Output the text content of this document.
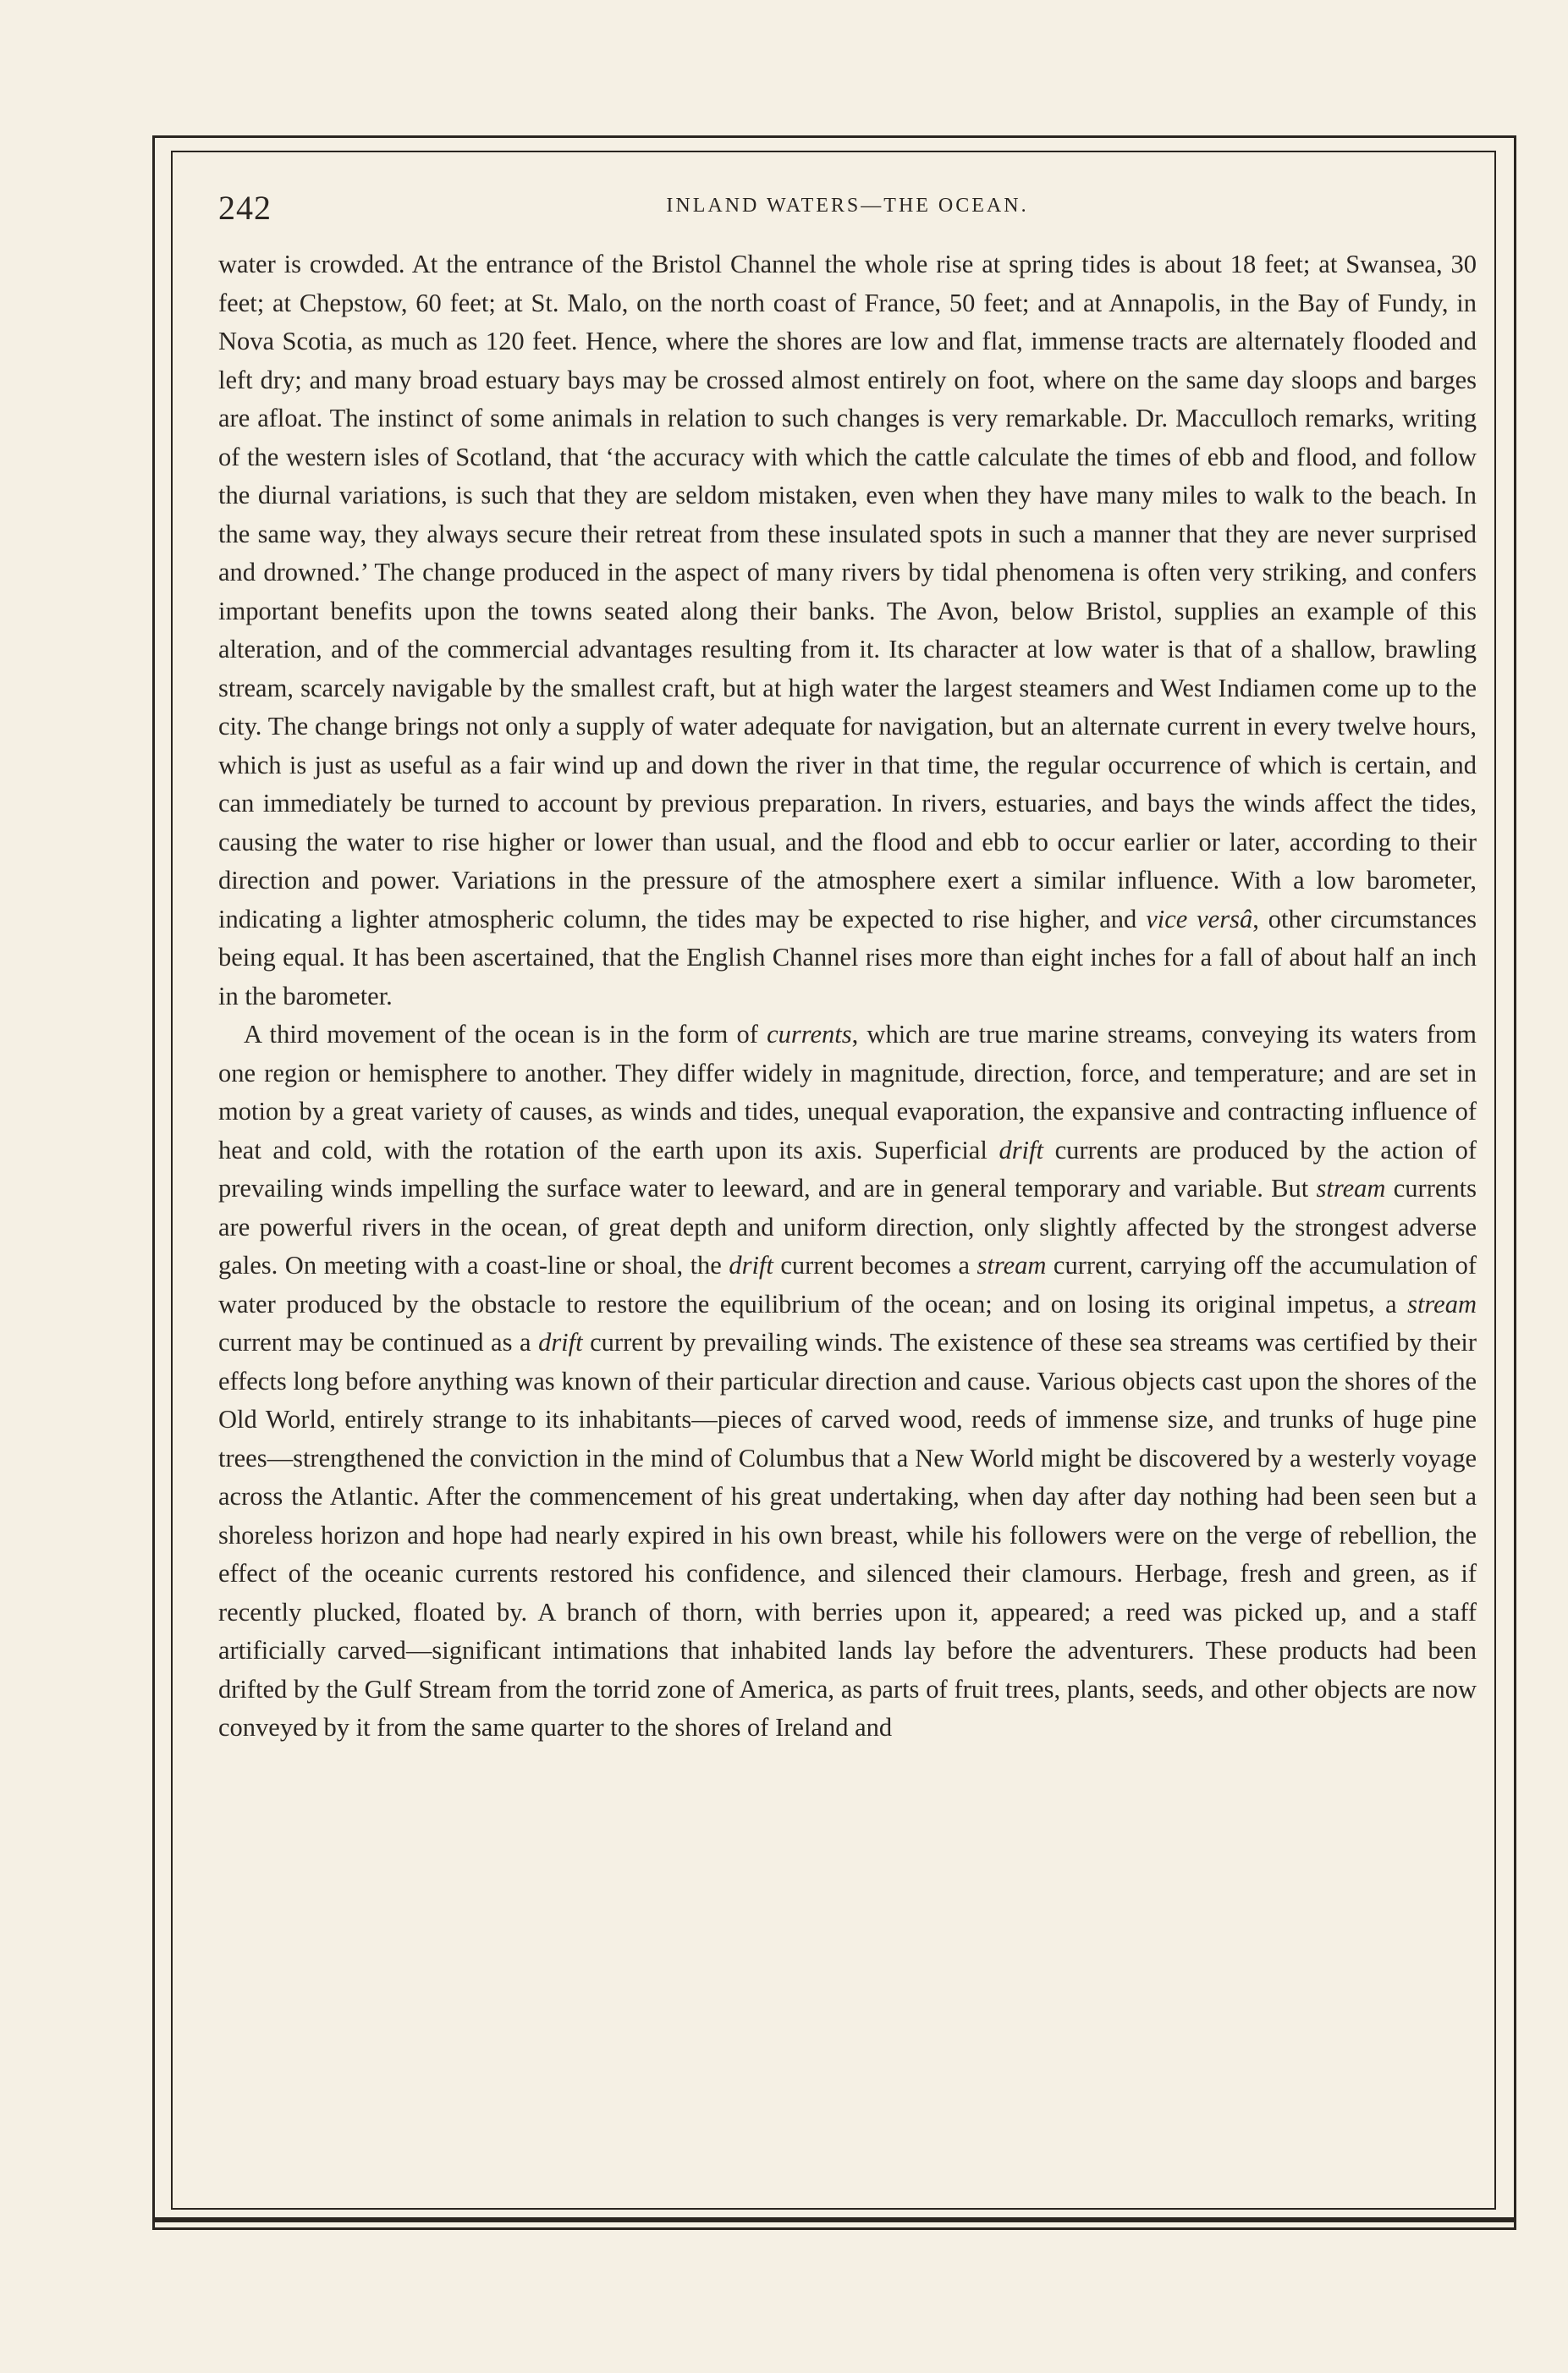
242	INLAND WATERS—THE OCEAN.

water is crowded. At the entrance of the Bristol Channel the whole rise at spring tides is about 18 feet; at Swansea, 30 feet; at Chepstow, 60 feet; at St. Malo, on the north coast of France, 50 feet; and at Annapolis, in the Bay of Fundy, in Nova Scotia, as much as 120 feet. Hence, where the shores are low and flat, immense tracts are alternately flooded and left dry; and many broad estuary bays may be crossed almost entirely on foot, where on the same day sloops and barges are afloat. The instinct of some animals in relation to such changes is very remarkable. Dr. Macculloch remarks, writing of the western isles of Scotland, that ‘the accuracy with which the cattle calculate the times of ebb and flood, and follow the diurnal variations, is such that they are seldom mistaken, even when they have many miles to walk to the beach. In the same way, they always secure their retreat from these insulated spots in such a manner that they are never surprised and drowned.’ The change produced in the aspect of many rivers by tidal phenomena is often very striking, and confers important benefits upon the towns seated along their banks. The Avon, below Bristol, supplies an example of this alteration, and of the commercial advantages resulting from it. Its character at low water is that of a shallow, brawling stream, scarcely navigable by the smallest craft, but at high water the largest steamers and West Indiamen come up to the city. The change brings not only a supply of water adequate for navigation, but an alternate current in every twelve hours, which is just as useful as a fair wind up and down the river in that time, the regular occurrence of which is certain, and can immediately be turned to account by previous preparation. In rivers, estuaries, and bays the winds affect the tides, causing the water to rise higher or lower than usual, and the flood and ebb to occur earlier or later, according to their direction and power. Variations in the pressure of the atmosphere exert a similar influence. With a low barometer, indicating a lighter atmospheric column, the tides may be expected to rise higher, and vice versâ, other circumstances being equal. It has been ascertained, that the English Channel rises more than eight inches for a fall of about half an inch in the barometer.

A third movement of the ocean is in the form of currents, which are true marine streams, conveying its waters from one region or hemisphere to another. They differ widely in magnitude, direction, force, and temperature; and are set in motion by a great variety of causes, as winds and tides, unequal evaporation, the expansive and contracting influence of heat and cold, with the rotation of the earth upon its axis. Superficial drift currents are produced by the action of prevailing winds impelling the surface water to leeward, and are in general temporary and variable. But stream currents are powerful rivers in the ocean, of great depth and uniform direction, only slightly affected by the strongest adverse gales. On meeting with a coast-line or shoal, the drift current becomes a stream current, carrying off the accumulation of water produced by the obstacle to restore the equilibrium of the ocean; and on losing its original impetus, a stream current may be continued as a drift current by prevailing winds. The existence of these sea streams was certified by their effects long before anything was known of their particular direction and cause. Various objects cast upon the shores of the Old World, entirely strange to its inhabitants—pieces of carved wood, reeds of immense size, and trunks of huge pine trees—strengthened the conviction in the mind of Columbus that a New World might be discovered by a westerly voyage across the Atlantic. After the commencement of his great undertaking, when day after day nothing had been seen but a shoreless horizon and hope had nearly expired in his own breast, while his followers were on the verge of rebellion, the effect of the oceanic currents restored his confidence, and silenced their clamours. Herbage, fresh and green, as if recently plucked, floated by. A branch of thorn, with berries upon it, appeared; a reed was picked up, and a staff artificially carved—significant intimations that inhabited lands lay before the adventurers. These products had been drifted by the Gulf Stream from the torrid zone of America, as parts of fruit trees, plants, seeds, and other objects are now conveyed by it from the same quarter to the shores of Ireland and
